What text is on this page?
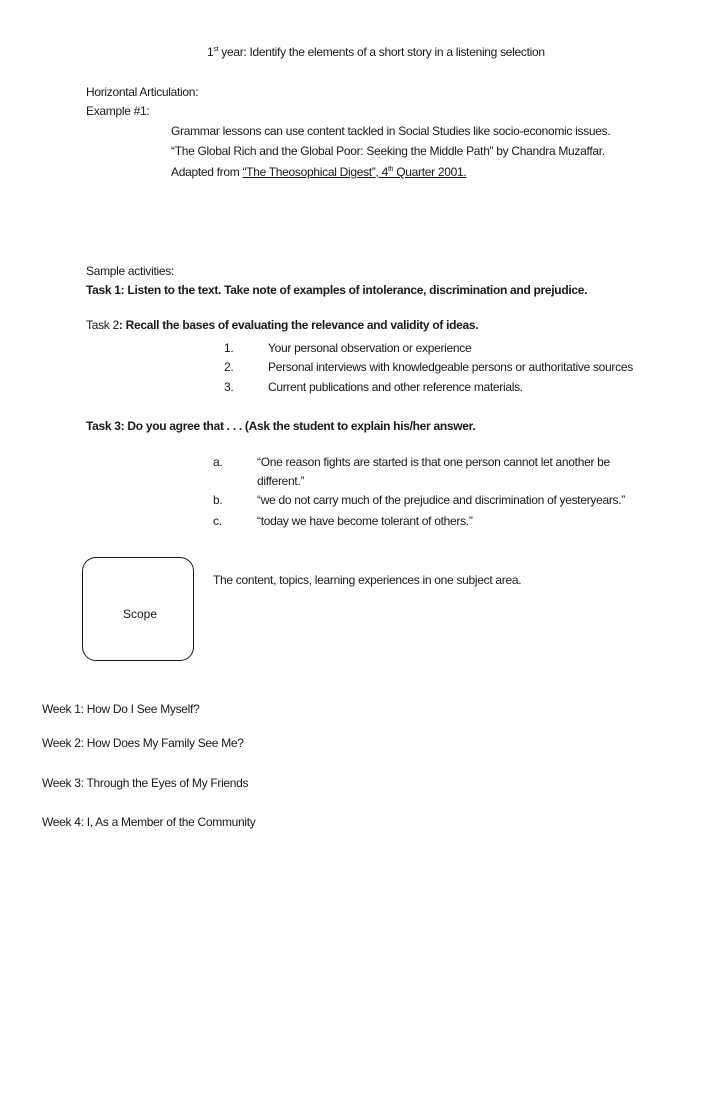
1st year: Identify the elements of a short story in a listening selection
Horizontal Articulation:
Example #1:
Grammar lessons can use content tackled in Social Studies like socio-economic issues.
“The Global Rich and the Global Poor: Seeking the Middle Path” by Chandra Muzaffar.
Adapted from “The Theosophical Digest”, 4th Quarter 2001.
Sample activities:
Task 1: Listen to the text. Take note of examples of intolerance, discrimination and prejudice.
Task 2: Recall the bases of evaluating the relevance and validity of ideas.
1.	Your personal observation or experience
2.	Personal interviews with knowledgeable persons or authoritative sources
3.	Current publications and other reference materials.
Task 3: Do you agree that . . . (Ask the student to explain his/her answer.
a.	“One reason fights are started is that one person cannot let another be
different.”
b.	“we do not carry much of the prejudice and discrimination of yesteryears.”
c.	“today we have become tolerant of others.”
Scope
The content, topics, learning experiences in one subject area.
Week 1: How Do I See Myself?
Week 2: How Does My Family See Me?
Week 3: Through the Eyes of My Friends
Week 4: I, As a Member of the Community
